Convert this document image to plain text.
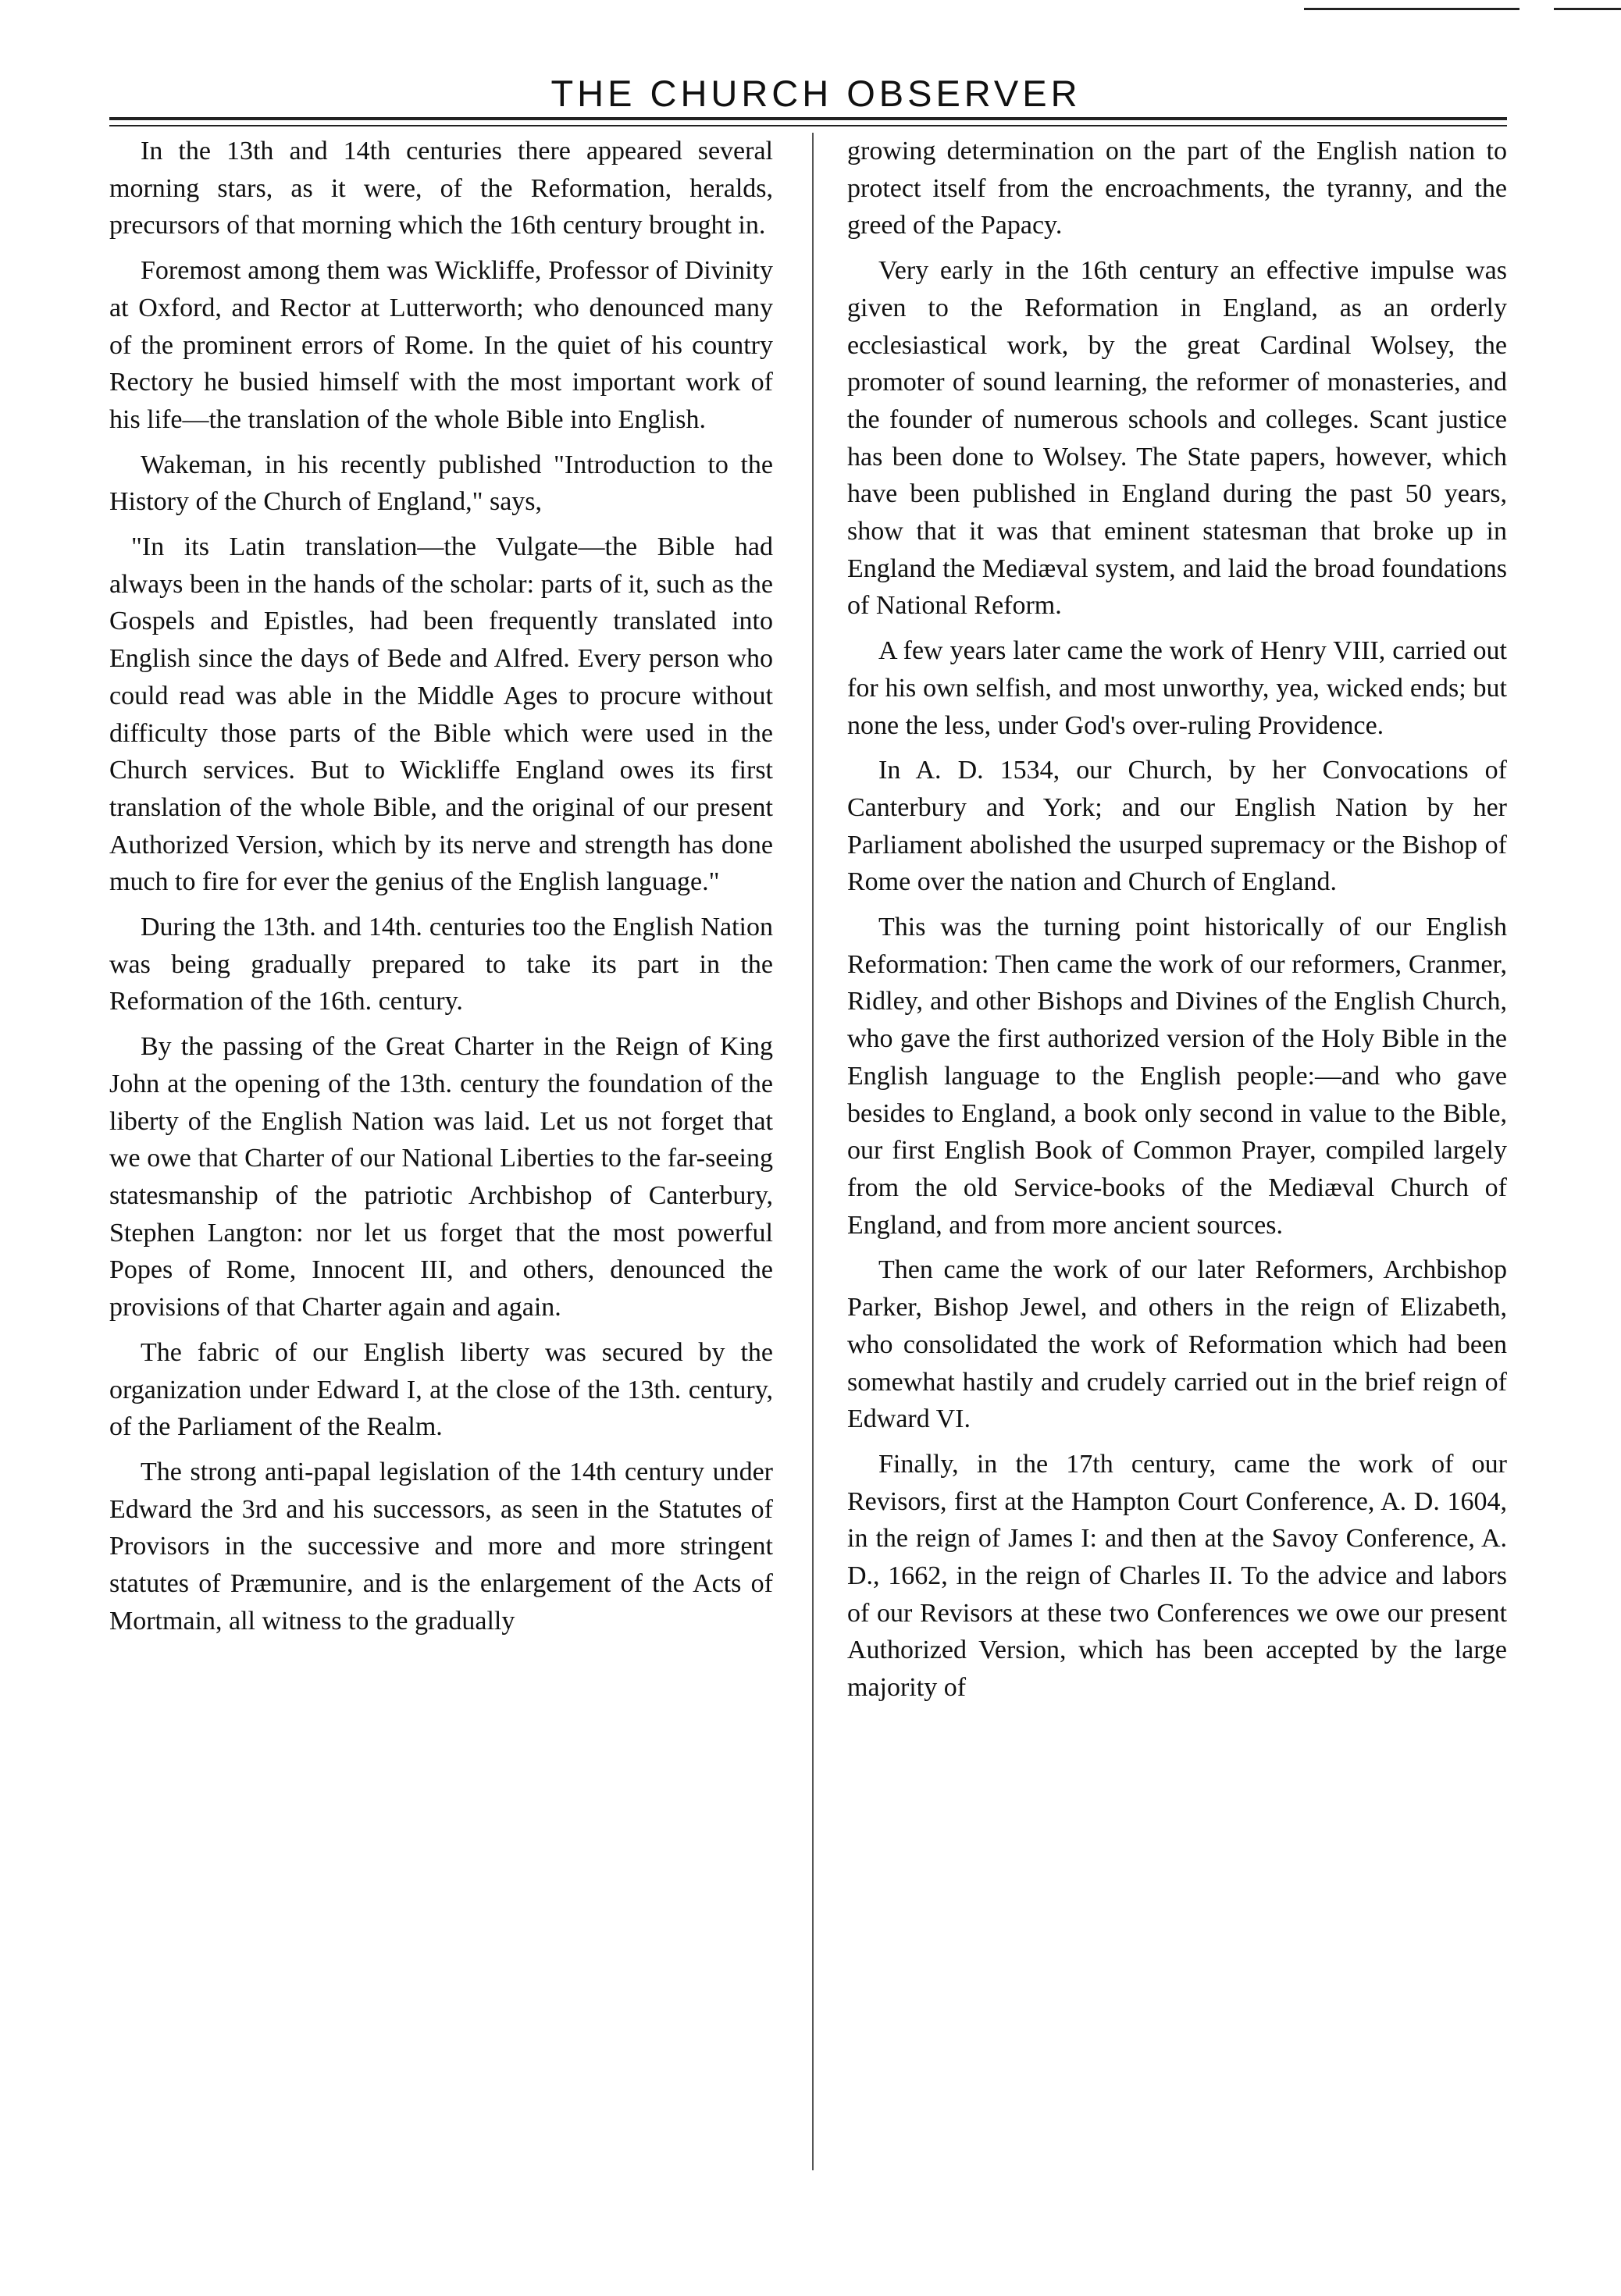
THE CHURCH OBSERVER

In the 13th and 14th centuries there appeared several morning stars, as it were, of the Reformation, heralds, precursors of that morning which the 16th century brought in.

Foremost among them was Wickliffe, Professor of Divinity at Oxford, and Rector at Lutterworth; who denounced many of the prominent errors of Rome. In the quiet of his country Rectory he busied himself with the most important work of his life—the translation of the whole Bible into English.

Wakeman, in his recently published "Introduction to the History of the Church of England," says,

"In its Latin translation—the Vulgate—the Bible had always been in the hands of the scholar: parts of it, such as the Gospels and Epistles, had been frequently translated into English since the days of Bede and Alfred. Every person who could read was able in the Middle Ages to procure without difficulty those parts of the Bible which were used in the Church services. But to Wickliffe England owes its first translation of the whole Bible, and the original of our present Authorized Version, which by its nerve and strength has done much to fire for ever the genius of the English language."

During the 13th. and 14th. centuries too the English Nation was being gradually prepared to take its part in the Reformation of the 16th. century.

By the passing of the Great Charter in the Reign of King John at the opening of the 13th. century the foundation of the liberty of the English Nation was laid. Let us not forget that we owe that Charter of our National Liberties to the far-seeing statesmanship of the patriotic Archbishop of Canterbury, Stephen Langton: nor let us forget that the most powerful Popes of Rome, Innocent III, and others, denounced the provisions of that Charter again and again.

The fabric of our English liberty was secured by the organization under Edward I, at the close of the 13th. century, of the Parliament of the Realm.

The strong anti-papal legislation of the 14th century under Edward the 3rd and his successors, as seen in the Statutes of Provisors in the successive and more and more stringent statutes of Præmunire, and is the enlargement of the Acts of Mortmain, all witness to the gradually

growing determination on the part of the English nation to protect itself from the encroachments, the tyranny, and the greed of the Papacy.

Very early in the 16th century an effective impulse was given to the Reformation in England, as an orderly ecclesiastical work, by the great Cardinal Wolsey, the promoter of sound learning, the reformer of monasteries, and the founder of numerous schools and colleges. Scant justice has been done to Wolsey. The State papers, however, which have been published in England during the past 50 years, show that it was that eminent statesman that broke up in England the Mediæval system, and laid the broad foundations of National Reform.

A few years later came the work of Henry VIII, carried out for his own selfish, and most unworthy, yea, wicked ends; but none the less, under God's over-ruling Providence.

In A. D. 1534, our Church, by her Convocations of Canterbury and York; and our English Nation by her Parliament abolished the usurped supremacy or the Bishop of Rome over the nation and Church of England.

This was the turning point historically of our English Reformation: Then came the work of our reformers, Cranmer, Ridley, and other Bishops and Divines of the English Church, who gave the first authorized version of the Holy Bible in the English language to the English people:—and who gave besides to England, a book only second in value to the Bible, our first English Book of Common Prayer, compiled largely from the old Service-books of the Mediæval Church of England, and from more ancient sources.

Then came the work of our later Reformers, Archbishop Parker, Bishop Jewel, and others in the reign of Elizabeth, who consolidated the work of Reformation which had been somewhat hastily and crudely carried out in the brief reign of Edward VI.

Finally, in the 17th century, came the work of our Revisors, first at the Hampton Court Conference, A. D. 1604, in the reign of James I: and then at the Savoy Conference, A. D., 1662, in the reign of Charles II. To the advice and labors of our Revisors at these two Conferences we owe our present Authorized Version, which has been accepted by the large majority of
